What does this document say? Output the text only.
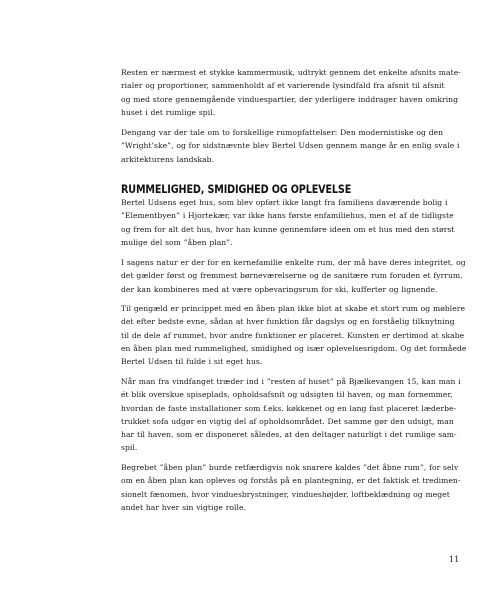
Resten er nærmest et stykke kammermusik, udtrykt gennem det enkelte afsnits mate-
rialer og proportioner, sammenholdt af et varierende lysindfald fra afsnit til afsnit
og med store gennemgående vinduespartier, der yderligere inddrager haven omkring
huset i det rumlige spil.

Dengang var der tale om to forskellige rumopfattelser: Den modernistiske og den
”Wright’ske”, og for sidstnævnte blev Bertel Udsen gennem mange år en enlig svale i
arkitekturens landskab.

RUMMELIGHED, SMIDIGHED OG OPLEVELSE

Bertel Udsens eget hus, som blev opført ikke langt fra familiens daværende bolig i
”Elementbyen” i Hjortekær, var ikke hans første enfamiliehus, men et af de tidligste
og frem for alt det hus, hvor han kunne gennemføre ideen om et hus med den størst
mulige del som ”åben plan”.

I sagens natur er der for en kernefamilie enkelte rum, der må have deres integritet, og
det gælder først og fremmest børneværelserne og de sanitære rum foruden et fyrrum,
der kan kombineres med at være opbevaringsrum for ski, kufferter og lignende.

Til gengæld er princippet med en åben plan ikke blot at skabe et stort rum og møblere
det efter bedste evne, sådan at hver funktion får dagslys og en forståelig tilknytning
til de dele af rummet, hvor andre funktioner er placeret. Kunsten er dertimod at skabe
en åben plan med rummelighed, smidighed og især oplevelsesrigdom. Og det formåede
Bertel Udsen til fulde i sit eget hus.

Når man fra vindfanget træder ind i ”resten af huset” på Bjælkevangen 15, kan man i
ét blik overskue spiseplads, opholdsafsnit og udsigten til haven, og man fornemmer,
hvordan de faste installationer som f.eks. køkkenet og en lang fast placeret læderbe-
trukket sofa udgør en vigtig del af opholdsområdet. Det samme gør den udsigt, man
har til haven, som er disponeret således, at den deltager naturligt i det rumlige sam-
spil.

Begrebet ”åben plan” burde retfærdigvis nok snarere kaldes ”det åbne rum”, for selv
om en åben plan kan opleves og forstås på en plantegning, er det faktisk et tredimen-
sionelt fænomen, hvor vinduesbrystninger, vindueshøjder, loftbeklædning og meget
andet har hver sin vigtige rolle.

11
